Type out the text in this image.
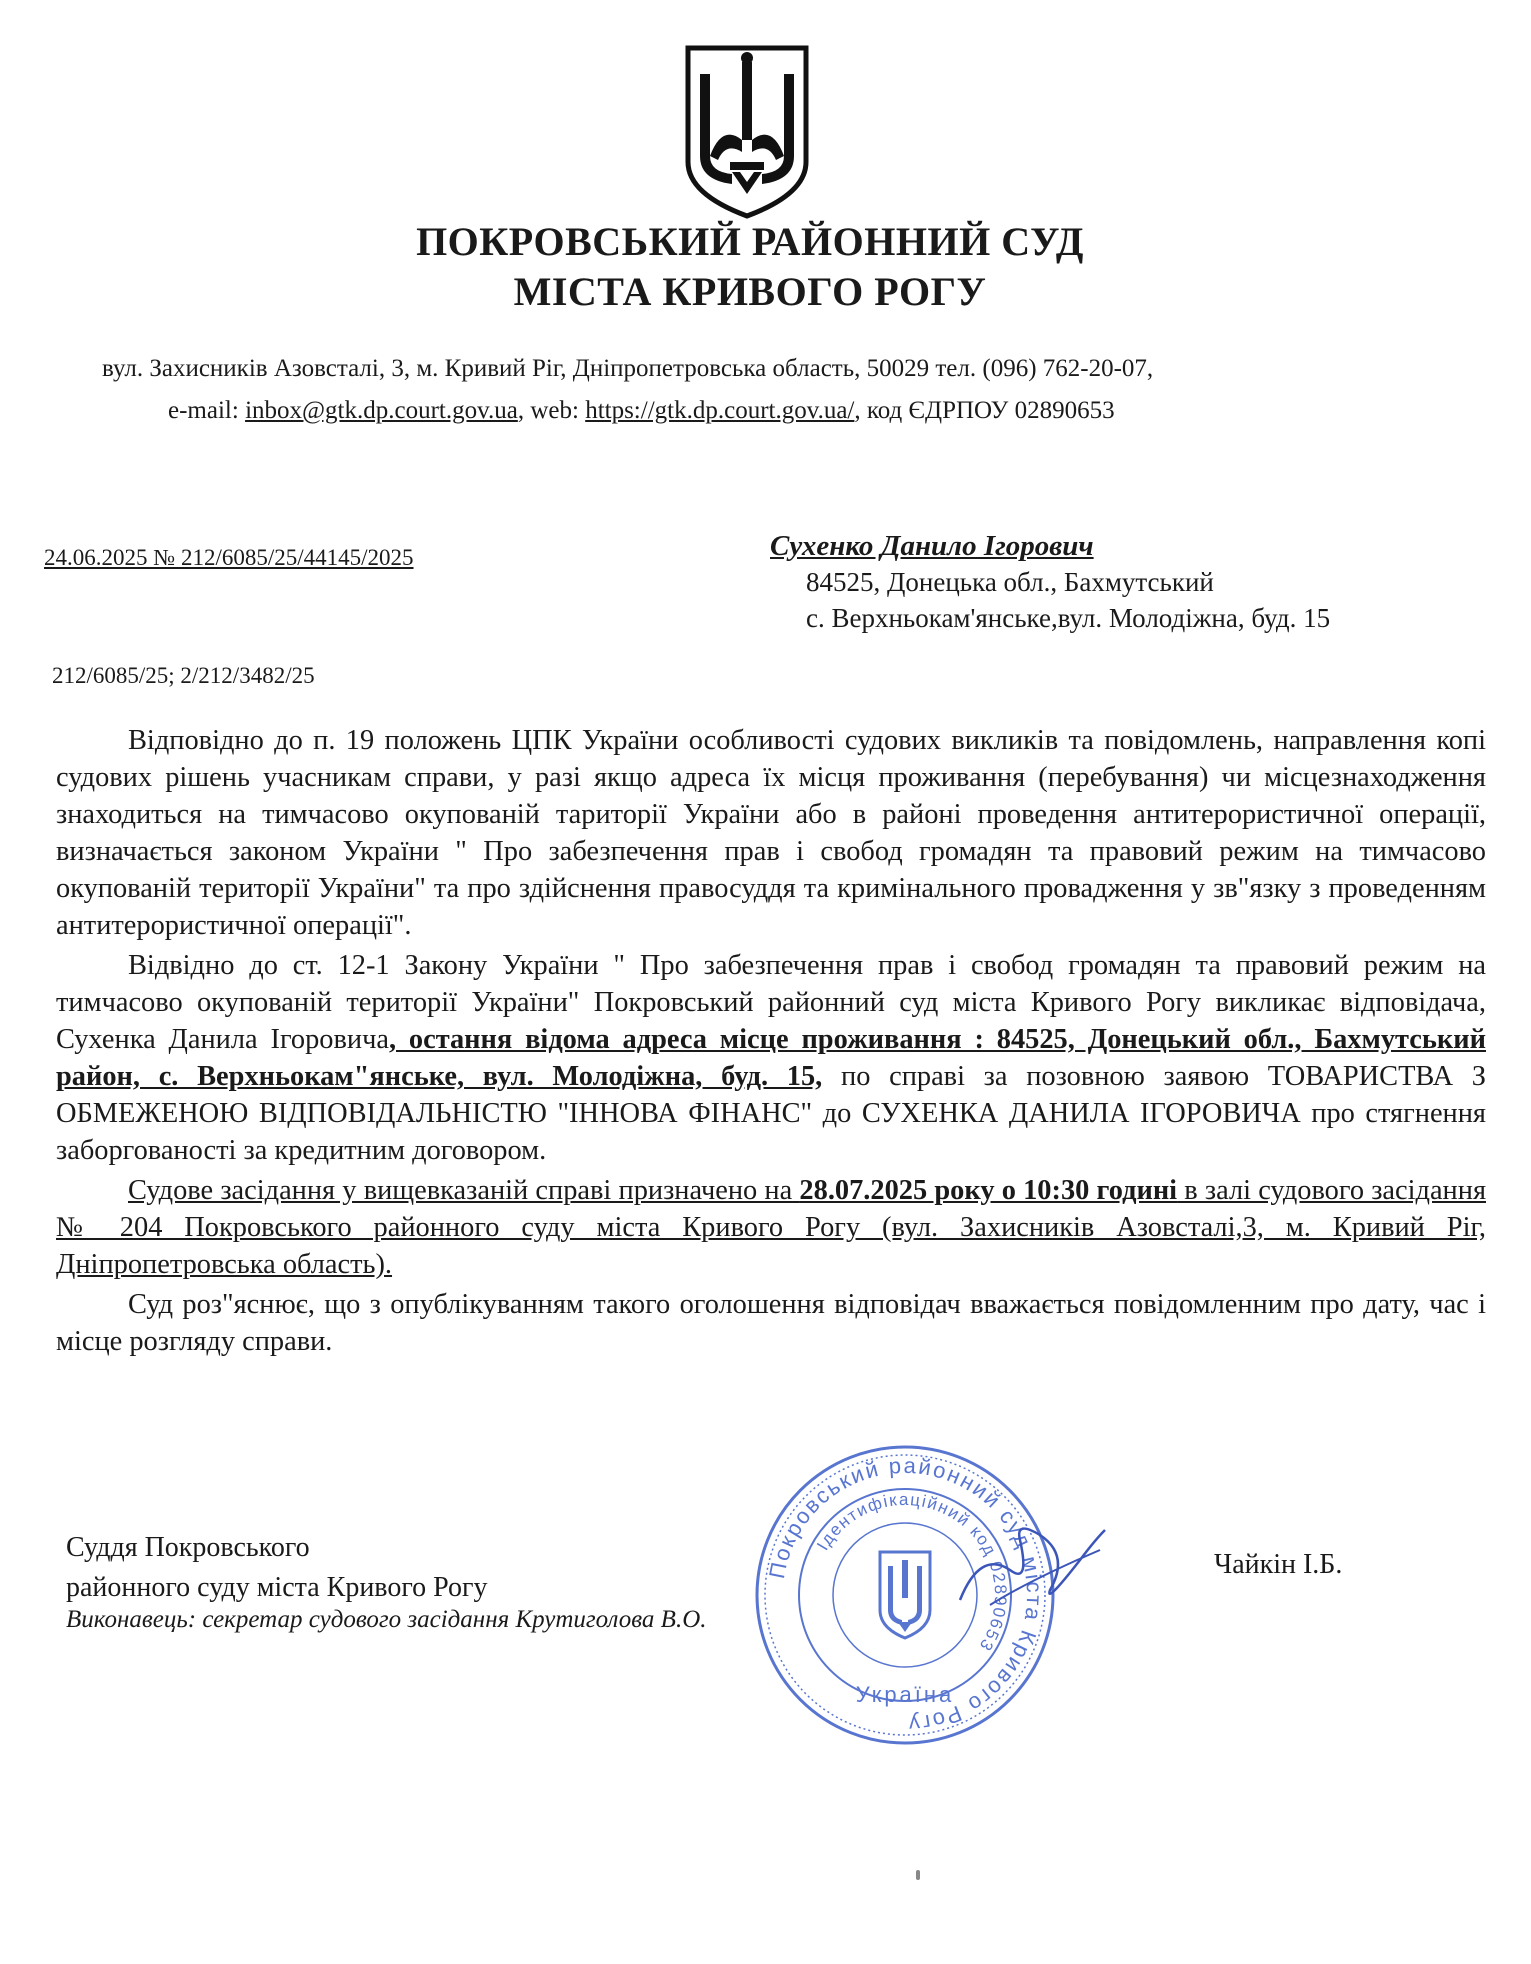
ПОКРОВСЬКИЙ РАЙОННИЙ СУД
МІСТА КРИВОГО РОГУ
вул. Захисників Азовсталі, 3, м. Кривий Ріг, Дніпропетровська область, 50029 тел. (096) 762-20-07,
e-mail: inbox@gtk.dp.court.gov.ua, web: https://gtk.dp.court.gov.ua/, код ЄДРПОУ 02890653
24.06.2025 № 212/6085/25/44145/2025	Сухенко Данило Ігорович
84525, Донецька обл., Бахмутський
с. Верхньокам'янське,вул. Молодіжна, буд. 15
212/6085/25; 2/212/3482/25

Відповідно до п. 19 положень ЦПК України особливості судових викликів та повідомлень, направлення копі судових рішень учасникам справи, у разі якщо адреса їх місця проживання (перебування) чи місцезнаходження знаходиться на тимчасово окупованій тариторії України або в районі проведення антитерористичної операції, визначається законом України " Про забезпечення прав і свобод громадян та правовий режим на тимчасово окупованій території України" та про здійснення правосуддя та кримінального провадження у зв"язку з проведенням антитерористичної операції".

Відвідно до ст. 12-1 Закону України " Про забезпечення прав і свобод громадян та правовий режим на тимчасово окупованій території України" Покровський районний суд міста Кривого Рогу викликає відповідача, Сухенка Данила Ігоровича, остання відома адреса місце проживання : 84525, Донецький обл., Бахмутський район, с. Верхньокам"янське, вул. Молодіжна, буд. 15, по справі за позовною заявою ТОВАРИСТВА З ОБМЕЖЕНОЮ ВІДПОВІДАЛЬНІСТЮ "ІННОВА ФІНАНС" до СУХЕНКА ДАНИЛА ІГОРОВИЧА про стягнення заборгованості за кредитним договором.

Судове засідання у вищевказаній справі призначено на 28.07.2025 року о 10:30 годині в залі судового засідання № 204 Покровського районного суду міста Кривого Рогу (вул. Захисників Азовсталі,3, м. Кривий Ріг, Дніпропетровська область).

Суд роз"яснює, що з опублікуванням такого оголошення відповідач вважається повідомленним про дату, час і місце розгляду справи.

Суддя Покровського
районного суду міста Кривого Рогу
Виконавець: секретар судового засідання Крутиголова В.О.
Чайкін І.Б.
Покровський районний суд міста Кривого Рогу
Ідентифікаційний код 02890653
Україна
